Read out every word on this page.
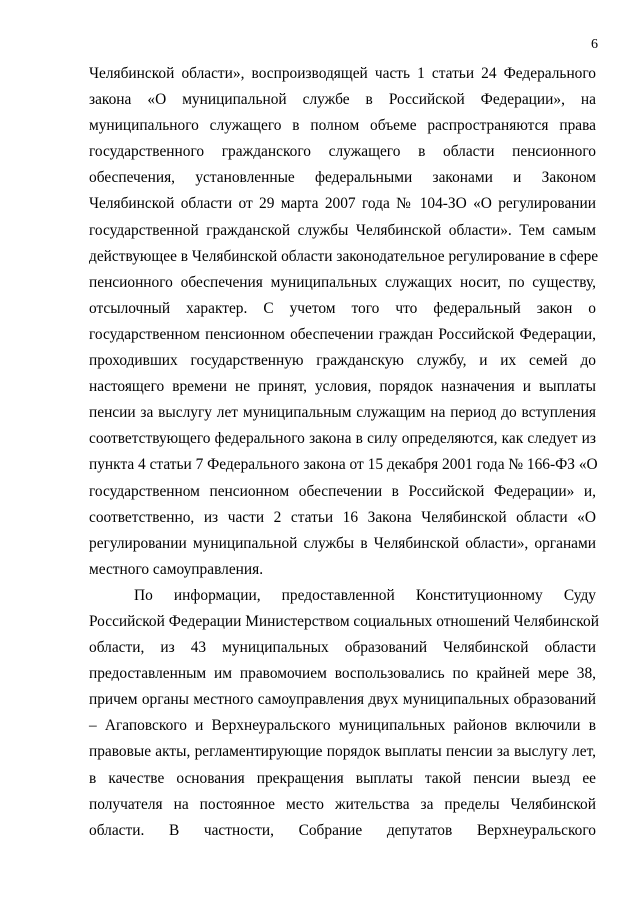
6
Челябинской области», воспроизводящей часть 1 статьи 24 Федерального
закона «О муниципальной службе в Российской Федерации», на
муниципального служащего в полном объеме распространяются права
государственного гражданского служащего в области пенсионного
обеспечения, установленные федеральными законами и Законом
Челябинской области от 29 марта 2007 года № 104-ЗО «О регулировании
государственной гражданской службы Челябинской области». Тем самым
действующее в Челябинской области законодательное регулирование в сфере
пенсионного обеспечения муниципальных служащих носит, по существу,
отсылочный характер. С учетом того что федеральный закон о
государственном пенсионном обеспечении граждан Российской Федерации,
проходивших государственную гражданскую службу, и их семей до
настоящего времени не принят, условия, порядок назначения и выплаты
пенсии за выслугу лет муниципальным служащим на период до вступления
соответствующего федерального закона в силу определяются, как следует из
пункта 4 статьи 7 Федерального закона от 15 декабря 2001 года № 166-ФЗ «О
государственном пенсионном обеспечении в Российской Федерации» и,
соответственно, из части 2 статьи 16 Закона Челябинской области «О
регулировании муниципальной службы в Челябинской области», органами
местного самоуправления.
По информации, предоставленной Конституционному Суду
Российской Федерации Министерством социальных отношений Челябинской
области, из 43 муниципальных образований Челябинской области
предоставленным им правомочием воспользовались по крайней мере 38,
причем органы местного самоуправления двух муниципальных образований
– Агаповского и Верхнеуральского муниципальных районов включили в
правовые акты, регламентирующие порядок выплаты пенсии за выслугу лет,
в качестве основания прекращения выплаты такой пенсии выезд ее
получателя на постоянное место жительства за пределы Челябинской
области. В частности, Собрание депутатов Верхнеуральского
